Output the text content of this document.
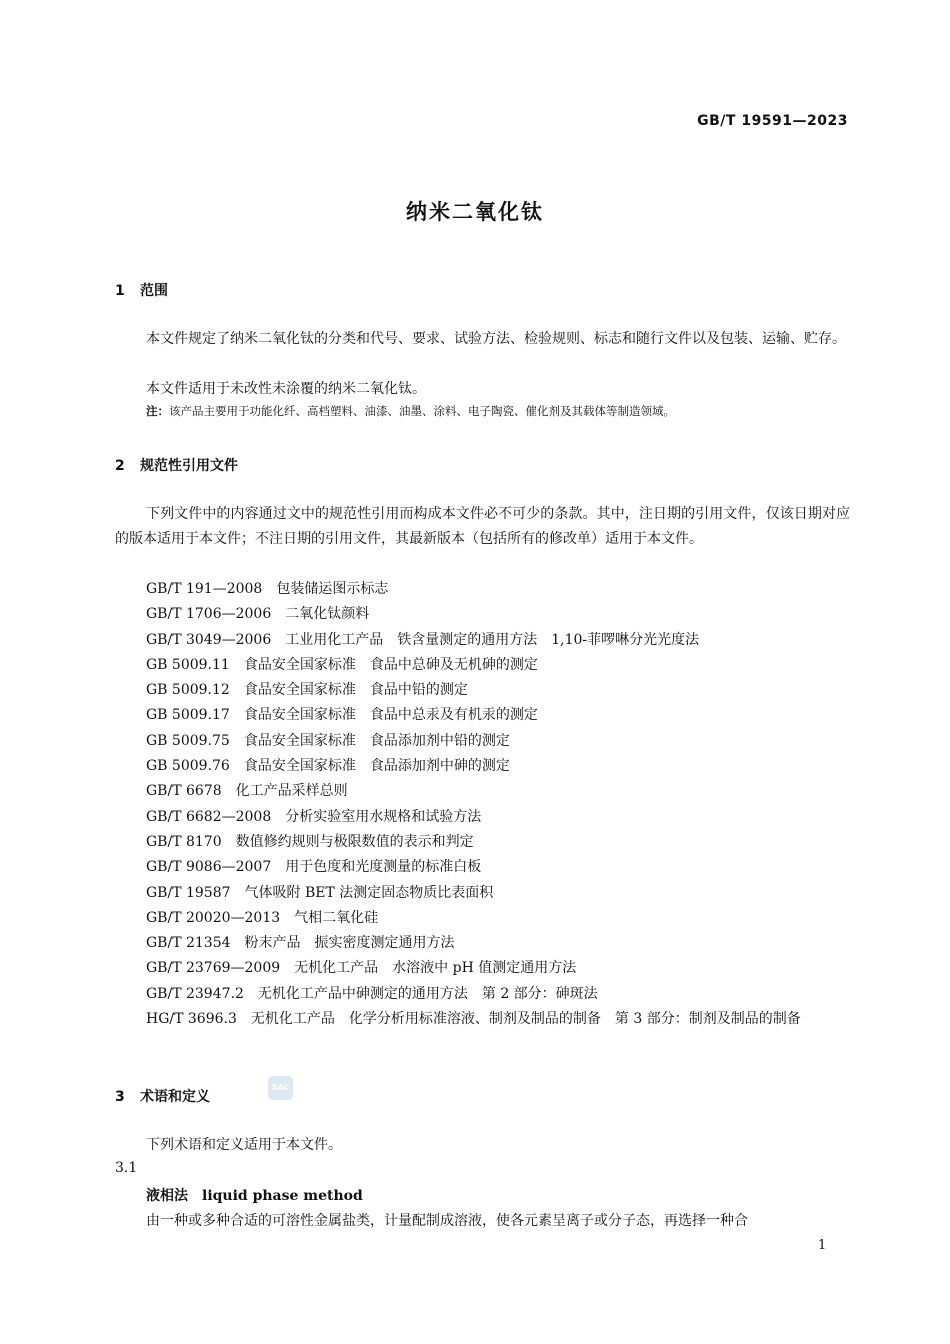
GB/T 19591—2023
纳米二氧化钛
1 范围

本文件规定了纳米二氧化钛的分类和代号、要求、试验方法、检验规则、标志和随行文件以及包装、运输、贮存。

本文件适用于未改性未涂覆的纳米二氧化钛。

注：该产品主要用于功能化纤、高档塑料、油漆、油墨、涂料、电子陶瓷、催化剂及其载体等制造领域。
2 规范性引用文件

下列文件中的内容通过文中的规范性引用而构成本文件必不可少的条款。其中，注日期的引用文件，仅该日期对应的版本适用于本文件；不注日期的引用文件，其最新版本（包括所有的修改单）适用于本文件。

GB/T 191—2008 包装储运图示标志
GB/T 1706—2006 二氧化钛颜料
GB/T 3049—2006 工业用化工产品　铁含量测定的通用方法　1,10-菲啰啉分光光度法
GB 5009.11 食品安全国家标准　食品中总砷及无机砷的测定
GB 5009.12 食品安全国家标准　食品中铅的测定
GB 5009.17 食品安全国家标准　食品中总汞及有机汞的测定
GB 5009.75 食品安全国家标准　食品添加剂中铅的测定
GB 5009.76 食品安全国家标准　食品添加剂中砷的测定
GB/T 6678 化工产品采样总则
GB/T 6682—2008 分析实验室用水规格和试验方法
GB/T 8170 数值修约规则与极限数值的表示和判定
GB/T 9086—2007 用于色度和光度测量的标准白板
GB/T 19587 气体吸附 BET 法测定固态物质比表面积
GB/T 20020—2013 气相二氧化硅
GB/T 21354 粉末产品　振实密度测定通用方法
GB/T 23769—2009 无机化工产品　水溶液中 pH 值测定通用方法
GB/T 23947.2 无机化工产品中砷测定的通用方法　第 2 部分：砷斑法
HG/T 3696.3 无机化工产品　化学分析用标准溶液、制剂及制品的制备　第 3 部分：制剂及制品的制备
3 术语和定义
SAC

下列术语和定义适用于本文件。

3.1
液相法 liquid phase method

由一种或多种合适的可溶性金属盐类，计量配制成溶液，使各元素呈离子或分子态，再选择一种合

1
